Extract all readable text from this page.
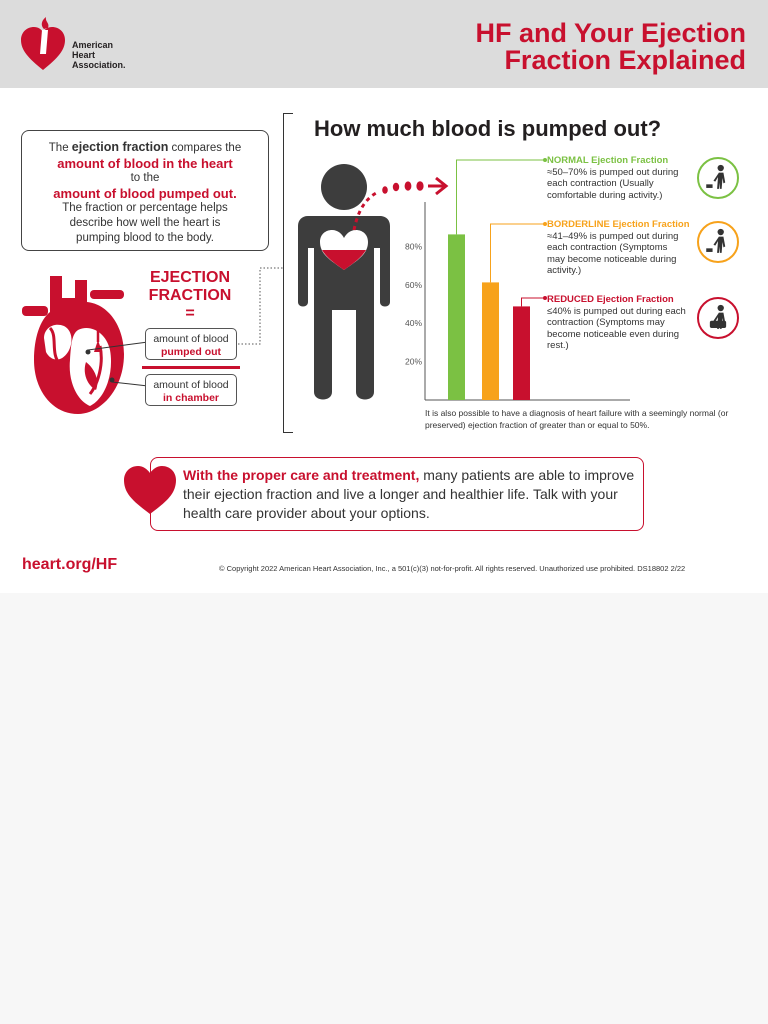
American
Heart
Association.
HF and Your Ejection
Fraction Explained
The ejection fraction compares the
amount of blood in the heart
to the
amount of blood pumped out.
The fraction or percentage helps describe how well the heart is pumping blood to the body.
EJECTION
FRACTION
=
amount of blood
pumped out
amount of blood
in chamber
How much blood is pumped out?
80%
60%
40%
20%
NORMAL Ejection Fraction
≈50–70% is pumped out during each contraction (Usually comfortable during activity.)
BORDERLINE Ejection Fraction
≈41–49% is pumped out during each contraction (Symptoms may become noticeable during activity.)
REDUCED Ejection Fraction
≤40% is pumped out during each contraction (Symptoms may become noticeable even during rest.)
It is also possible to have a diagnosis of heart failure with a seemingly normal (or preserved) ejection fraction of greater than or equal to 50%.
With the proper care and treatment, many patients are able to improve their ejection fraction and live a longer and healthier life. Talk with your health care provider about your options.
heart.org/HF	© Copyright 2022 American Heart Association, Inc., a 501(c)(3) not-for-profit. All rights reserved. Unauthorized use prohibited. DS18802 2/22
